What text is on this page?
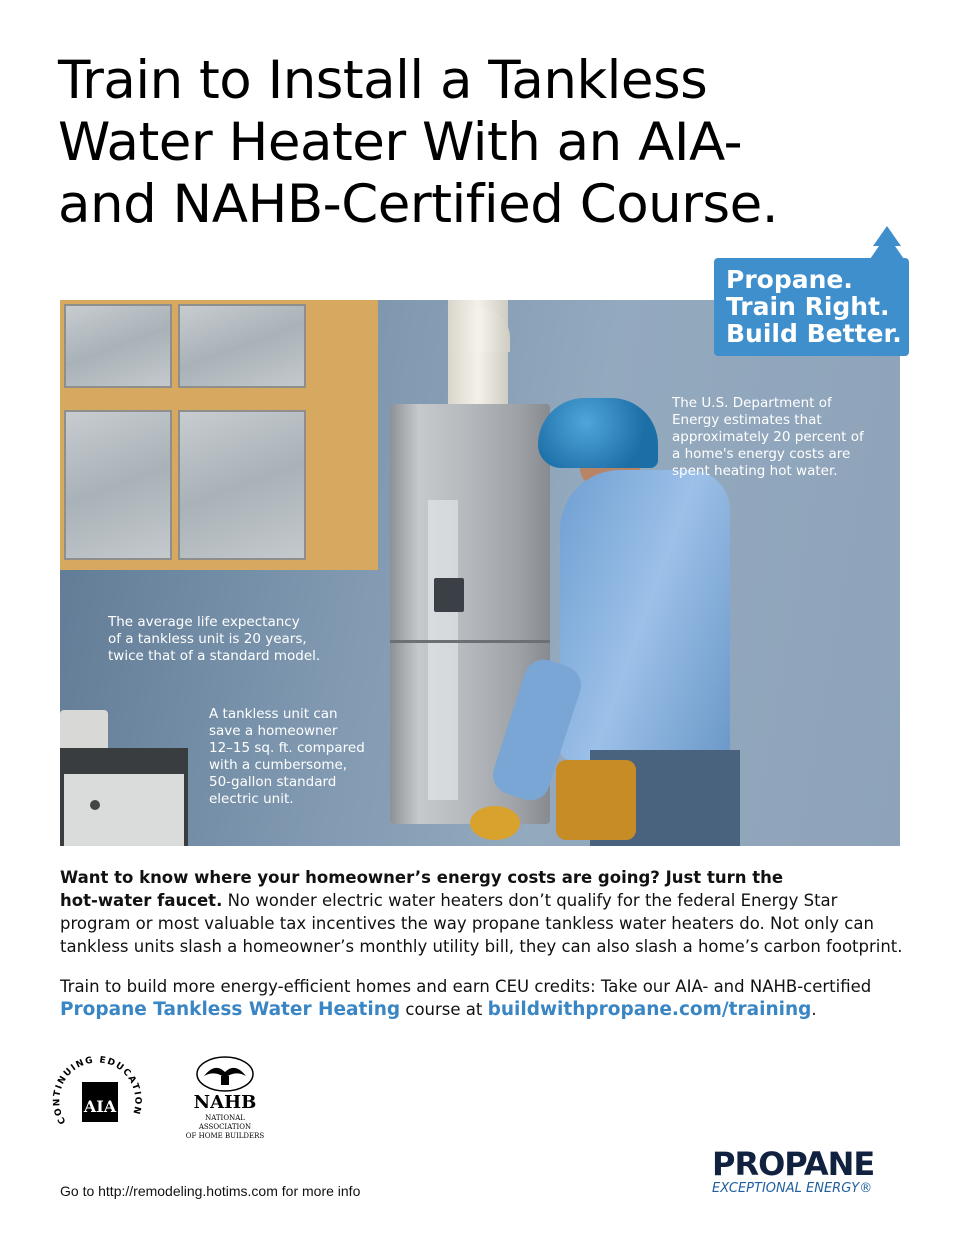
Train to Install a Tankless
Water Heater With an AIA-
and NAHB-Certified Course.
The U.S. Department of
Energy estimates that
approximately 20 percent of
a home's energy costs are
spent heating hot water.
The average life expectancy
of a tankless unit is 20 years,
twice that of a standard model.
A tankless unit can
save a homeowner
12–15 sq. ft. compared
with a cumbersome,
50-gallon standard
electric unit.
Propane.
Train Right.
Build Better.
Want to know where your homeowner’s energy costs are going? Just turn the
hot-water faucet. No wonder electric water heaters don’t qualify for the federal Energy Star
program or most valuable tax incentives the way propane tankless water heaters do. Not only can
tankless units slash a homeowner’s monthly utility bill, they can also slash a home’s carbon footprint.
Train to build more energy-efficient homes and earn CEU credits: Take our AIA- and NAHB-certified
Propane Tankless Water Heating course at buildwithpropane.com/training.
CONTINUING EDUCATION
AIA	NAHB
NATIONAL ASSOCIATION
OF HOME BUILDERS
Go to http://remodeling.hotims.com for more info
PROPANE
EXCEPTIONAL ENERGY®
